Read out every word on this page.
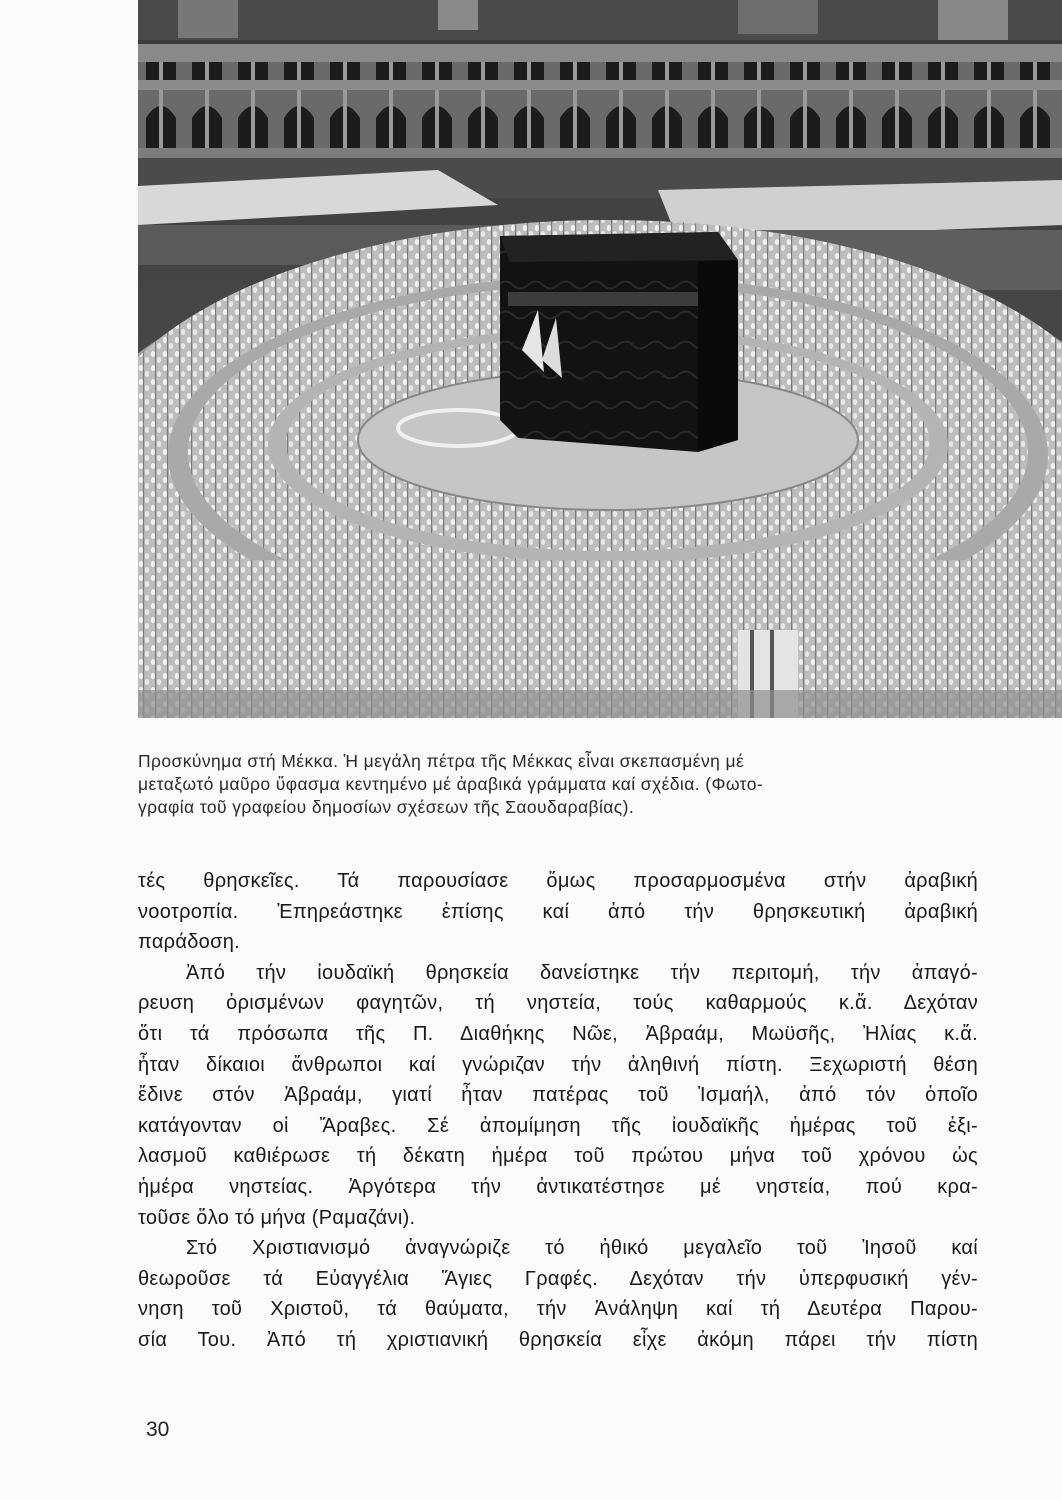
Προσκύνημα στή Μέκκα. Ἡ μεγάλη πέτρα τῆς Μέκκας εἶναι σκεπασμένη μέ
μεταξωτό μαῦρο ὕφασμα κεντημένο μέ ἀραβικά γράμματα καί σχέδια. (Φωτο-
γραφία τοῦ γραφείου δημοσίων σχέσεων τῆς Σαουδαραβίας).
τές θρησκεῖες. Τά παρουσίασε ὅμως προσαρμοσμένα στήν ἀραβική
νοοτροπία. Ἐπηρεάστηκε ἐπίσης καί ἀπό τήν θρησκευτική ἀραβική
παράδοση.
Ἀπό τήν ἰουδαϊκή θρησκεία δανείστηκε τήν περιτομή, τήν ἀπαγό-
ρευση ὁρισμένων φαγητῶν, τή νηστεία, τούς καθαρμούς κ.ἄ. Δεχόταν
ὅτι τά πρόσωπα τῆς Π. Διαθήκης Νῶε, Ἀβραάμ, Μωϋσῆς, Ἠλίας κ.ἄ.
ἦταν δίκαιοι ἄνθρωποι καί γνώριζαν τήν ἀληθινή πίστη. Ξεχωριστή θέση
ἔδινε στόν Ἀβραάμ, γιατί ἦταν πατέρας τοῦ Ἰσμαήλ, ἀπό τόν ὁποῖο
κατάγονταν οἱ Ἄραβες. Σέ ἀπομίμηση τῆς ἰουδαϊκῆς ἡμέρας τοῦ ἐξι-
λασμοῦ καθιέρωσε τή δέκατη ἡμέρα τοῦ πρώτου μήνα τοῦ χρόνου ὡς
ἡμέρα νηστείας. Ἀργότερα τήν ἀντικατέστησε μέ νηστεία, πού κρα-
τοῦσε ὅλο τό μήνα (Ραμαζάνι).
Στό Χριστιανισμό ἀναγνώριζε τό ἠθικό μεγαλεῖο τοῦ Ἰησοῦ καί
θεωροῦσε τά Εὐαγγέλια Ἅγιες Γραφές. Δεχόταν τήν ὑπερφυσική γέν-
νηση τοῦ Χριστοῦ, τά θαύματα, τήν Ἀνάληψη καί τή Δευτέρα Παρου-
σία Του. Ἀπό τή χριστιανική θρησκεία εἶχε ἀκόμη πάρει τήν πίστη
30
